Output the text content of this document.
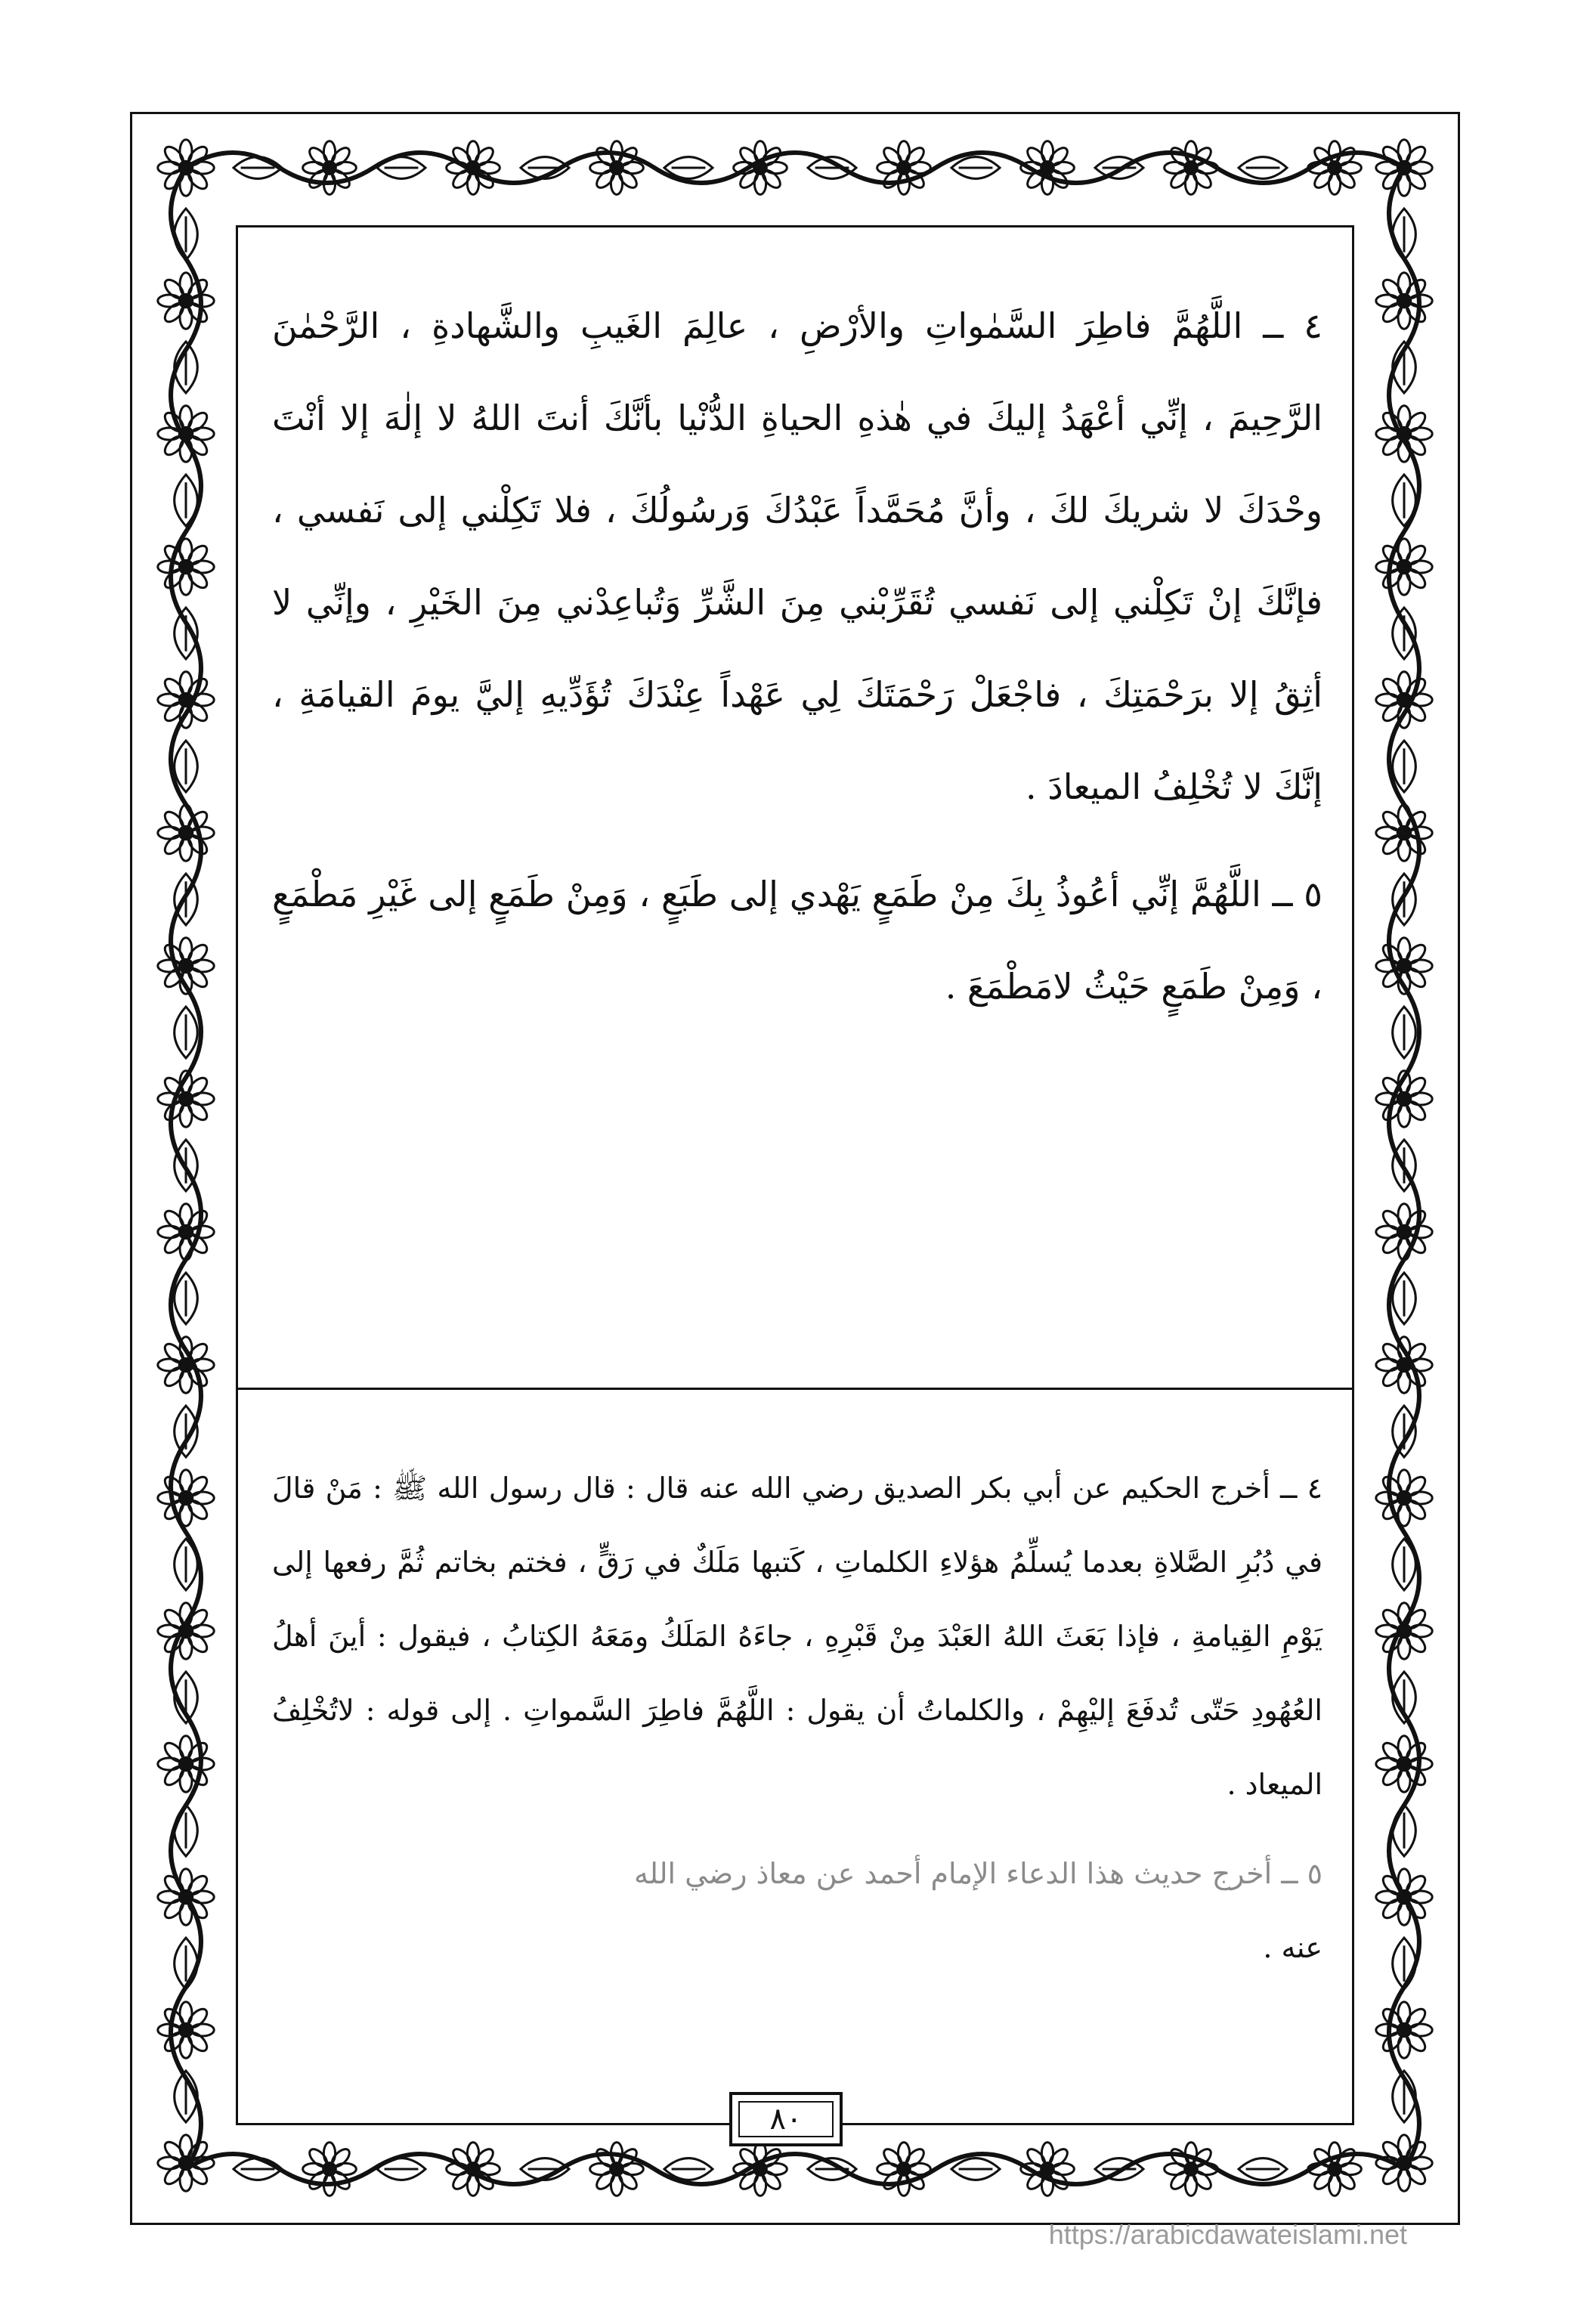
٤ ــ اللَّهُمَّ فاطِرَ السَّمٰواتِ والأرْضِ ، عالِمَ الغَيبِ والشَّهادةِ ، الرَّحْمٰنَ الرَّحِيمَ ، إنِّي أعْهَدُ إليكَ في هٰذهِ الحياةِ الدُّنْيا بأنَّكَ أنتَ اللهُ لا إلٰهَ إلا أنْتَ وحْدَكَ لا شريكَ لكَ ، وأنَّ مُحَمَّداً عَبْدُكَ وَرسُولُكَ ، فلا تَكِلْني إلى نَفسي ، فإنَّكَ إنْ تَكِلْني إلى نَفسي تُقَرِّبْني مِنَ الشَّرِّ وَتُباعِدْني مِنَ الخَيْرِ ، وإنِّي لا أثِقُ إلا برَحْمَتِكَ ، فاجْعَلْ رَحْمَتَكَ لِي عَهْداً عِنْدَكَ تُؤَدِّيهِ إليَّ يومَ القيامَةِ ، إنَّكَ لا تُخْلِفُ الميعادَ .

٥ ــ اللَّهُمَّ إنِّي أعُوذُ بِكَ مِنْ طَمَعٍ يَهْدي إلى طَبَعٍ ، وَمِنْ طَمَعٍ إلى غَيْرِ مَطْمَعٍ ، وَمِنْ طَمَعٍ حَيْثُ لامَطْمَعَ .

٤ ــ أخرج الحكيم عن أبي بكر الصديق رضي الله عنه قال : قال رسول الله ﷺ : مَنْ قالَ في دُبُرِ الصَّلاةِ بعدما يُسلِّمُ هؤلاءِ الكلماتِ ، كَتبها مَلَكٌ في رَقٍّ ، فختم بخاتم ثُمَّ رفعها إلى يَوْمِ القِيامةِ ، فإذا بَعَثَ اللهُ العَبْدَ مِنْ قَبْرِهِ ، جاءَهُ المَلَكُ ومَعَهُ الكِتابُ ، فيقول : أينَ أهلُ العُهُودِ حَتّى تُدفَعَ إليْهِمْ ، والكلماتُ أن يقول : اللَّهُمَّ فاطِرَ السَّمواتِ . إلى قوله : لاتُخْلِفُ الميعاد .

٥ ــ أخرج حديث هذا الدعاء الإمام أحمد عن معاذ رضي الله
عنه .

٨٠
https://arabicdawateislami.net
